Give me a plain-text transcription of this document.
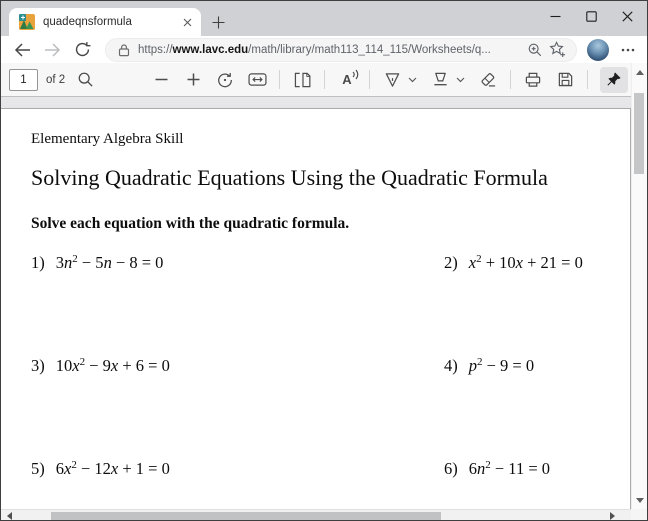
quadeqnsformula
https://www.lavc.edu/math/library/math113_114_115/Worksheets/q...
1
of 2	A
Elementary Algebra Skill
Solving Quadratic Equations Using the Quadratic Formula
Solve each equation with the quadratic formula.
1) $3n^2 - 5n - 8 = 0$	2) $x^2 + 10x + 21 = 0$
3) $10x^2 - 9x + 6 = 0$	4) $p^2 - 9 = 0$
5) $6x^2 - 12x + 1 = 0$	6) $6n^2 - 11 = 0$
